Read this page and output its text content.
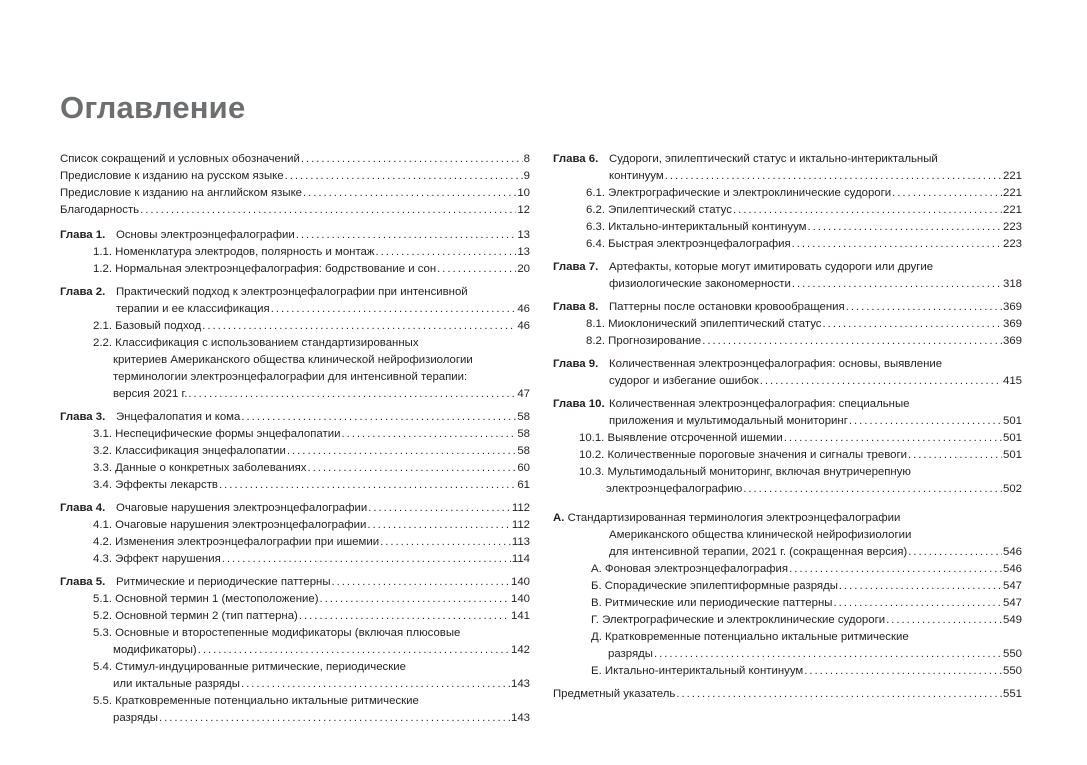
Оглавление
Список сокращений и условных обозначений . . .	8
Предисловие к изданию на русском языке . . .	9
Предисловие к изданию на английском языке . . .	10
Благодарность . . .	12
Глава 1. Основы электроэнцефалографии . . .	13
1.1. Номенклатура электродов, полярность и монтаж . . .	13
1.2. Нормальная электроэнцефалография: бодрствование и сон . . .	20
Глава 2. Практический подход к электроэнцефалографии при интенсивной
терапии и ее классификация . . .	46
2.1. Базовый подход . . .	46
2.2. Классификация с использованием стандартизированных
критериев Американского общества клинической нейрофизиологии
терминологии электроэнцефалографии для интенсивной терапии:
версия 2021 г. . . .	47
Глава 3. Энцефалопатия и кома . . .	58
3.1. Неспецифические формы энцефалопатии . . .	58
3.2. Классификация энцефалопатии . . .	58
3.3. Данные о конкретных заболеваниях . . .	60
3.4. Эффекты лекарств . . .	61
Глава 4. Очаговые нарушения электроэнцефалографии . . .	112
4.1. Очаговые нарушения электроэнцефалографии . . .	112
4.2. Изменения электроэнцефалографии при ишемии . . .	113
4.3. Эффект нарушения . . .	114
Глава 5. Ритмические и периодические паттерны . . .	140
5.1. Основной термин 1 (местоположение) . . .	140
5.2. Основной термин 2 (тип паттерна) . . .	141
5.3. Основные и второстепенные модификаторы (включая плюсовые
модификаторы) . . .	142
5.4. Стимул-индуцированные ритмические, периодические
или иктальные разряды . . .	143
5.5. Кратковременные потенциально иктальные ритмические
разряды . . .	143
Глава 6. Судороги, эпилептический статус и иктально-интериктальный
континуум . . .	221
6.1. Электрографические и электроклинические судороги . . .	221
6.2. Эпилептический статус . . .	221
6.3. Иктально-интериктальный континуум . . .	223
6.4. Быстрая электроэнцефалография . . .	223
Глава 7. Артефакты, которые могут имитировать судороги или другие
физиологические закономерности . . .	318
Глава 8. Паттерны после остановки кровообращения . . .	369
8.1. Миоклонический эпилептический статус . . .	369
8.2. Прогнозирование . . .	369
Глава 9. Количественная электроэнцефалография: основы, выявление
судорог и избегание ошибок . . .	415
Глава 10. Количественная электроэнцефалография: специальные
приложения и мультимодальный мониторинг . . .	501
10.1. Выявление отсроченной ишемии . . .	501
10.2. Количественные пороговые значения и сигналы тревоги . . .	501
10.3. Мультимодальный мониторинг, включая внутричерепную
электроэнцефалографию . . .	502
А. Стандартизированная терминология электроэнцефалографии
Американского общества клинической нейрофизиологии
для интенсивной терапии, 2021 г. (сокращенная версия) . . .	546
А. Фоновая электроэнцефалография . . .	546
Б. Спорадические эпилептиформные разряды . . .	547
В. Ритмические или периодические паттерны . . .	547
Г. Электрографические и электроклинические судороги . . .	549
Д. Кратковременные потенциально иктальные ритмические
разряды . . .	550
Е. Иктально-интериктальный континуум . . .	550
Предметный указатель . . .	551
